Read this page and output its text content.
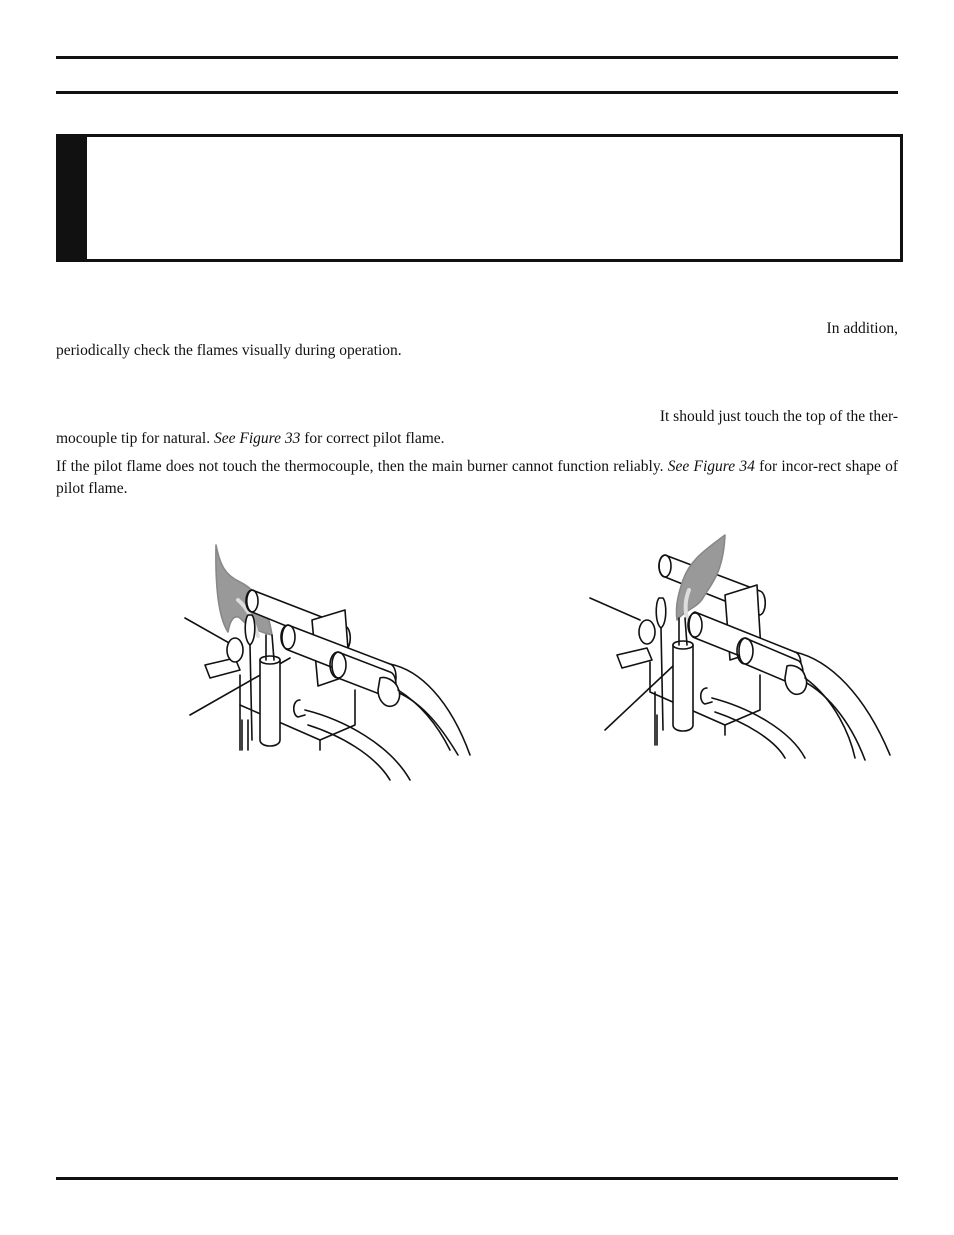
In addition,
periodically check the flames visually during operation.
It should just touch the top of the ther-
mocouple tip for natural. See Figure 33 for correct pilot flame.
If the pilot flame does not touch the thermocouple, then the main burner cannot function reliably. See Figure 34 for incor-rect shape of pilot flame.
